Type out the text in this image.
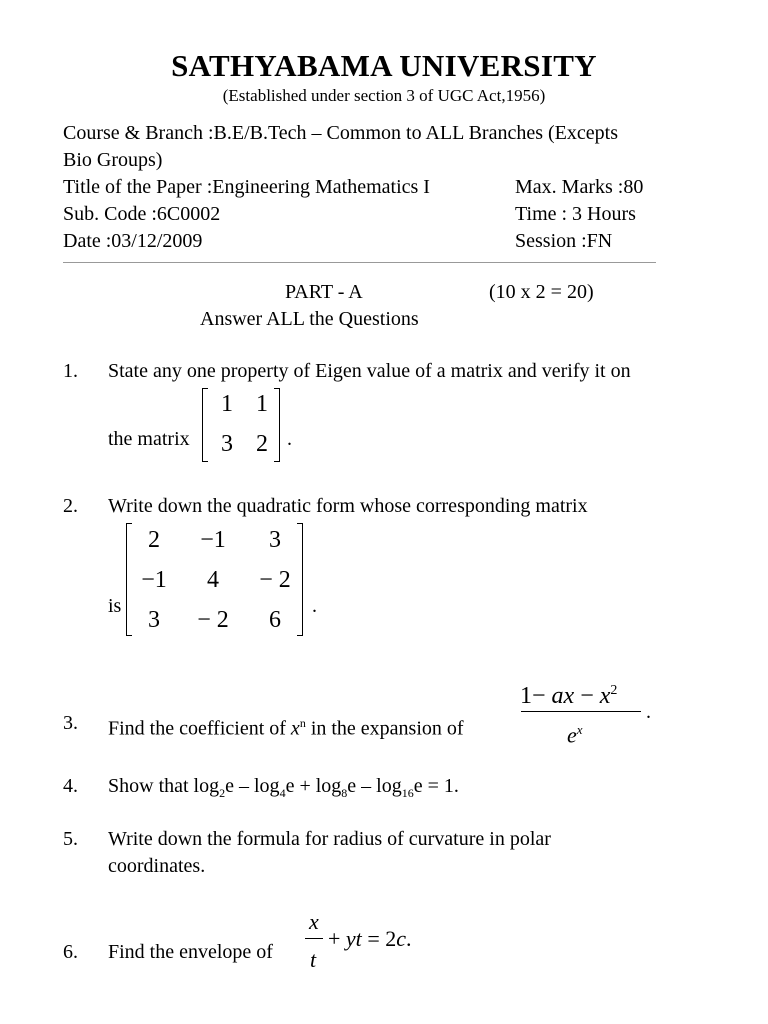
SATHYABAMA UNIVERSITY
(Established under section 3 of UGC Act,1956)
Course & Branch :B.E/B.Tech – Common to ALL Branches (Excepts
Bio Groups)
Title of the Paper :Engineering Mathematics I	Max. Marks :80
Sub. Code :6C0002	Time : 3 Hours
Date :03/12/2009	Session :FN
PART - A	(10 x 2 = 20)
Answer ALL the Questions
1. State any one property of Eigen value of a matrix and verify it on
the matrix
1 1
3 2 .
2. Write down the quadratic form whose corresponding matrix
is
2	−1	3
−1	4	− 2
3	− 2	6
.
3. Find the coefficient of $x^n$ in the expansion of
1− ax − $x^2$
$e^x$
.
4. Show that $\log_2e - \log_4e + \log_8e - \log_{16}e = 1$.
5. Write down the formula for radius of curvature in polar
coordinates.
6. Find the envelope of
x
t
+ yt = 2c.
